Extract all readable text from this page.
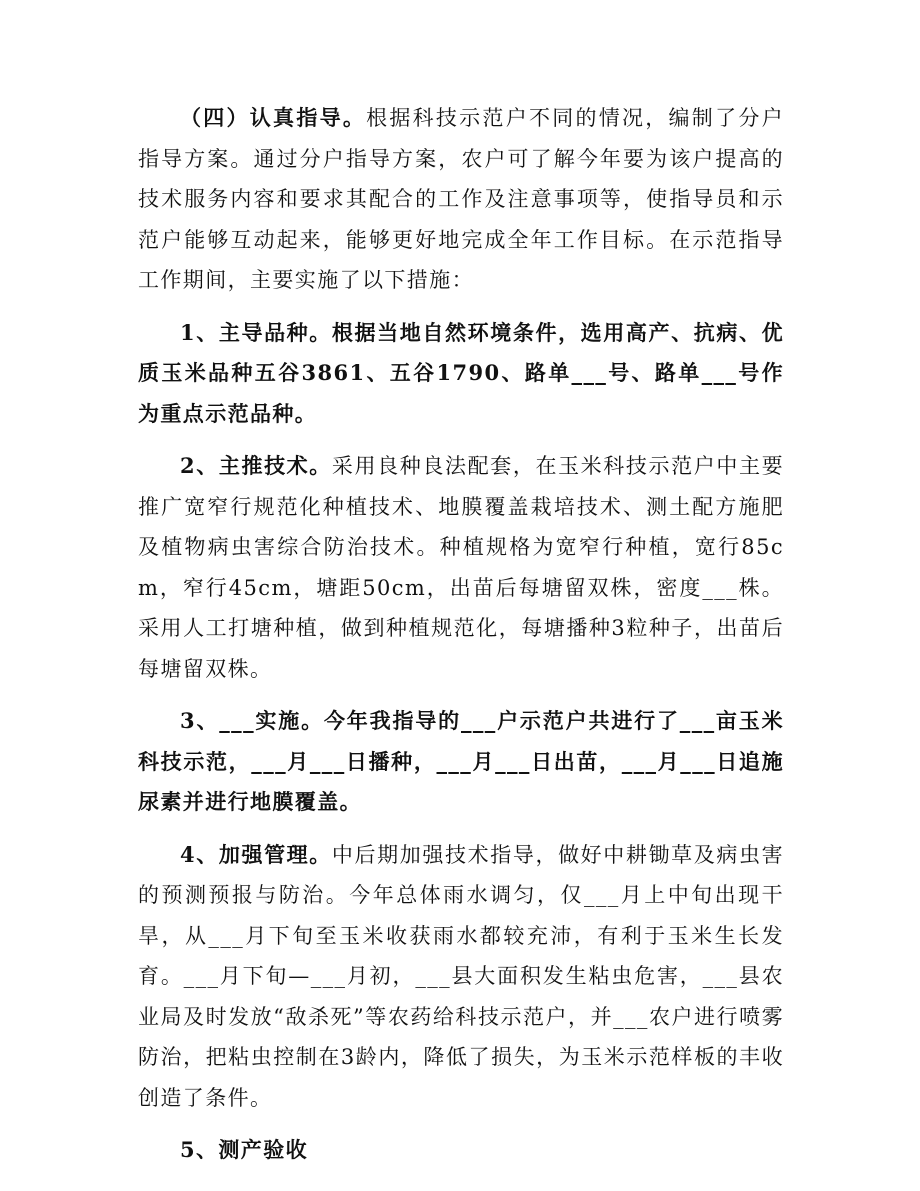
（四）认真指导。根据科技示范户不同的情况，编制了分户指导方案。通过分户指导方案，农户可了解今年要为该户提高的技术服务内容和要求其配合的工作及注意事项等，使指导员和示范户能够互动起来，能够更好地完成全年工作目标。在示范指导工作期间，主要实施了以下措施：

1、主导品种。根据当地自然环境条件，选用高产、抗病、优质玉米品种五谷3861、五谷1790、路单___号、路单___号作为重点示范品种。

2、主推技术。采用良种良法配套，在玉米科技示范户中主要推广宽窄行规范化种植技术、地膜覆盖栽培技术、测土配方施肥及植物病虫害综合防治技术。种植规格为宽窄行种植，宽行85cm，窄行45cm，塘距50cm，出苗后每塘留双株，密度___株。采用人工打塘种植，做到种植规范化，每塘播种3粒种子，出苗后每塘留双株。

3、___实施。今年我指导的___户示范户共进行了___亩玉米科技示范，___月___日播种，___月___日出苗，___月___日追施尿素并进行地膜覆盖。

4、加强管理。中后期加强技术指导，做好中耕锄草及病虫害的预测预报与防治。今年总体雨水调匀，仅___月上中旬出现干旱，从___月下旬至玉米收获雨水都较充沛，有利于玉米生长发育。___月下旬—___月初，___县大面积发生粘虫危害，___县农业局及时发放“敌杀死”等农药给科技示范户，并___农户进行喷雾防治，把粘虫控制在3龄内，降低了损失，为玉米示范样板的丰收创造了条件。

5、测产验收
